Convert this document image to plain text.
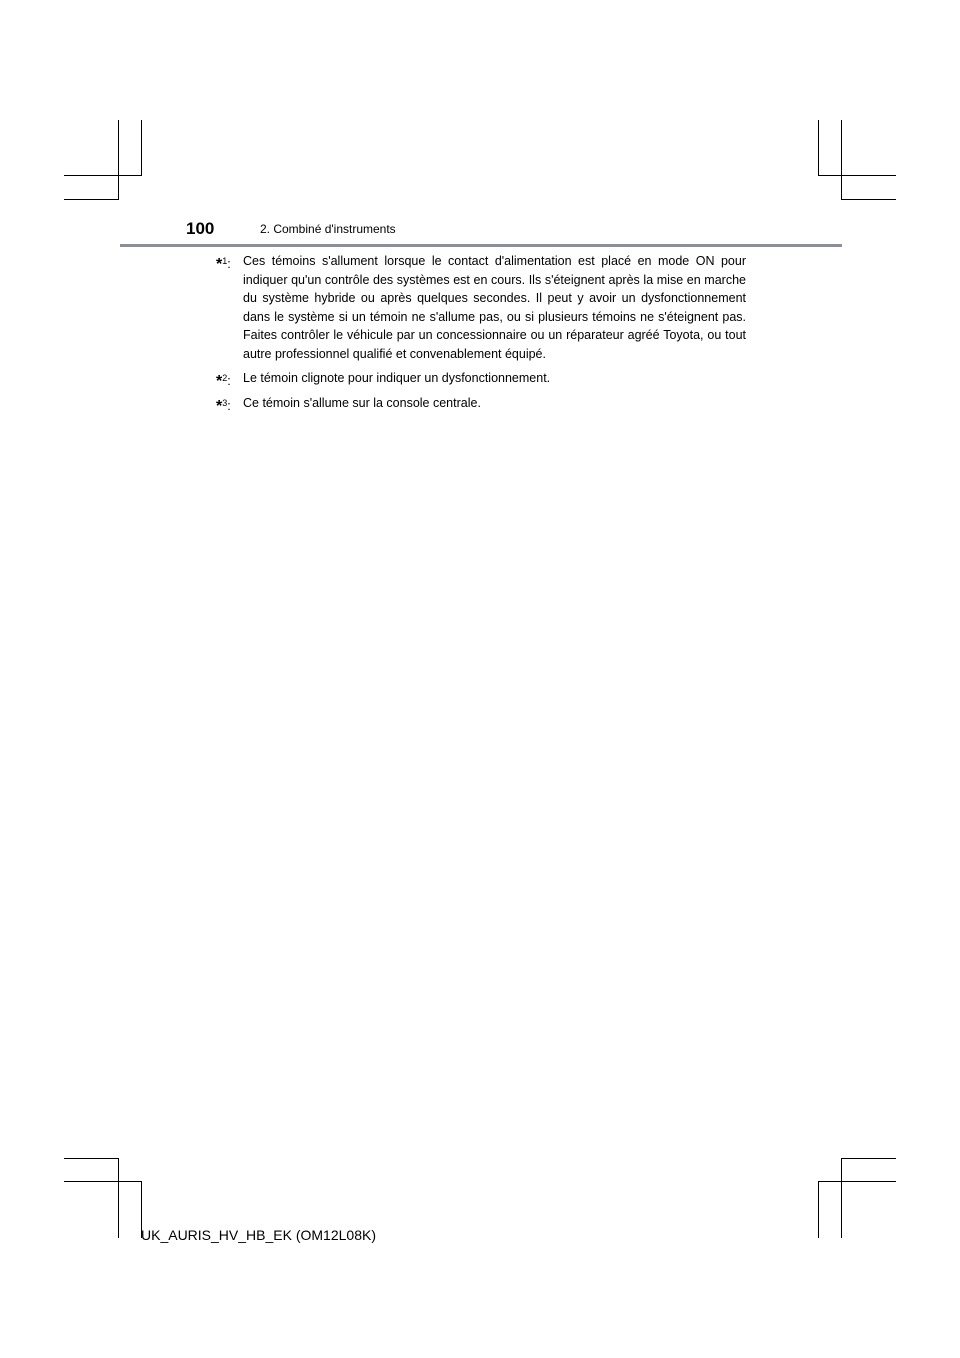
100	2. Combiné d'instruments
*$^1$: Ces témoins s'allument lorsque le contact d'alimentation est placé en mode ON pour indiquer qu'un contrôle des systèmes est en cours. Ils s'éteignent après la mise en marche du système hybride ou après quelques secondes. Il peut y avoir un dysfonctionnement dans le système si un témoin ne s'allume pas, ou si plusieurs témoins ne s'éteignent pas. Faites contrôler le véhicule par un concessionnaire ou un réparateur agréé Toyota, ou tout autre professionnel qualifié et convenablement équipé.
*$^2$: Le témoin clignote pour indiquer un dysfonctionnement.
*$^3$: Ce témoin s'allume sur la console centrale.
UK_AURIS_HV_HB_EK (OM12L08K)
